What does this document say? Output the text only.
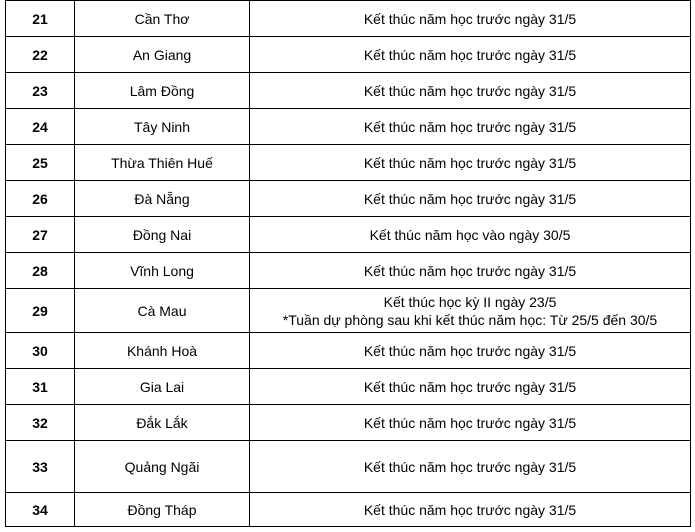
21	Cần Thơ	Kết thúc năm học trước ngày 31/5

22	An Giang	Kết thúc năm học trước ngày 31/5

23	Lâm Đồng	Kết thúc năm học trước ngày 31/5

24	Tây Ninh	Kết thúc năm học trước ngày 31/5

25	Thừa Thiên Huế	Kết thúc năm học trước ngày 31/5

26	Đà Nẵng	Kết thúc năm học trước ngày 31/5

27	Đồng Nai	Kết thúc năm học vào ngày 30/5

28	Vĩnh Long	Kết thúc năm học trước ngày 31/5

29	Cà Mau	Kết thúc học kỳ II ngày 23/5
*Tuần dự phòng sau khi kết thúc năm học: Từ 25/5 đến 30/5

30	Khánh Hoà	Kết thúc năm học trước ngày 31/5

31	Gia Lai	Kết thúc năm học trước ngày 31/5

32	Đắk Lắk	Kết thúc năm học trước ngày 31/5

33	Quảng Ngãi	Kết thúc năm học trước ngày 31/5

34	Đồng Tháp	Kết thúc năm học trước ngày 31/5
